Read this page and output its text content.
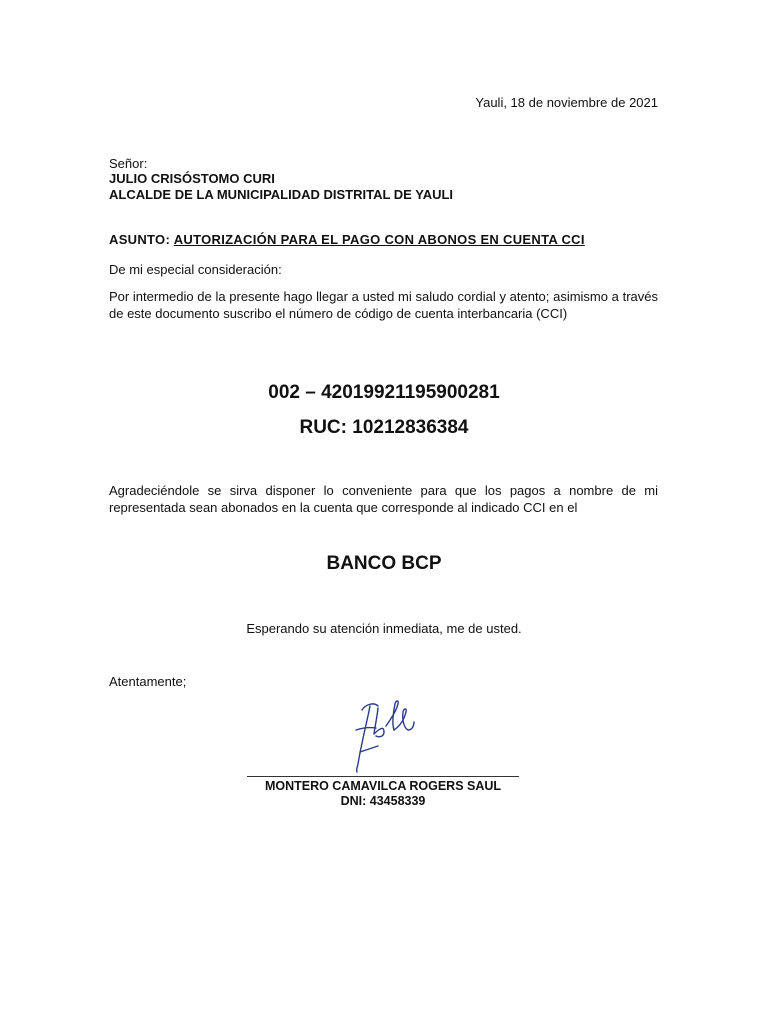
Yauli, 18 de noviembre de 2021
Señor:
JULIO CRISÓSTOMO CURI
ALCALDE DE LA MUNICIPALIDAD DISTRITAL DE YAULI
ASUNTO: AUTORIZACIÓN PARA EL PAGO CON ABONOS EN CUENTA CCI
De mi especial consideración:
Por intermedio de la presente hago llegar a usted mi saludo cordial y atento; asimismo a través de este documento suscribo el número de código de cuenta interbancaria (CCI)
002 – 42019921195900281
RUC: 10212836384
Agradeciéndole se sirva disponer lo conveniente para que los pagos a nombre de mi representada sean abonados en la cuenta que corresponde al indicado CCI en el
BANCO BCP
Esperando su atención inmediata, me de usted.
Atentamente;
MONTERO CAMAVILCA ROGERS SAUL
DNI: 43458339
